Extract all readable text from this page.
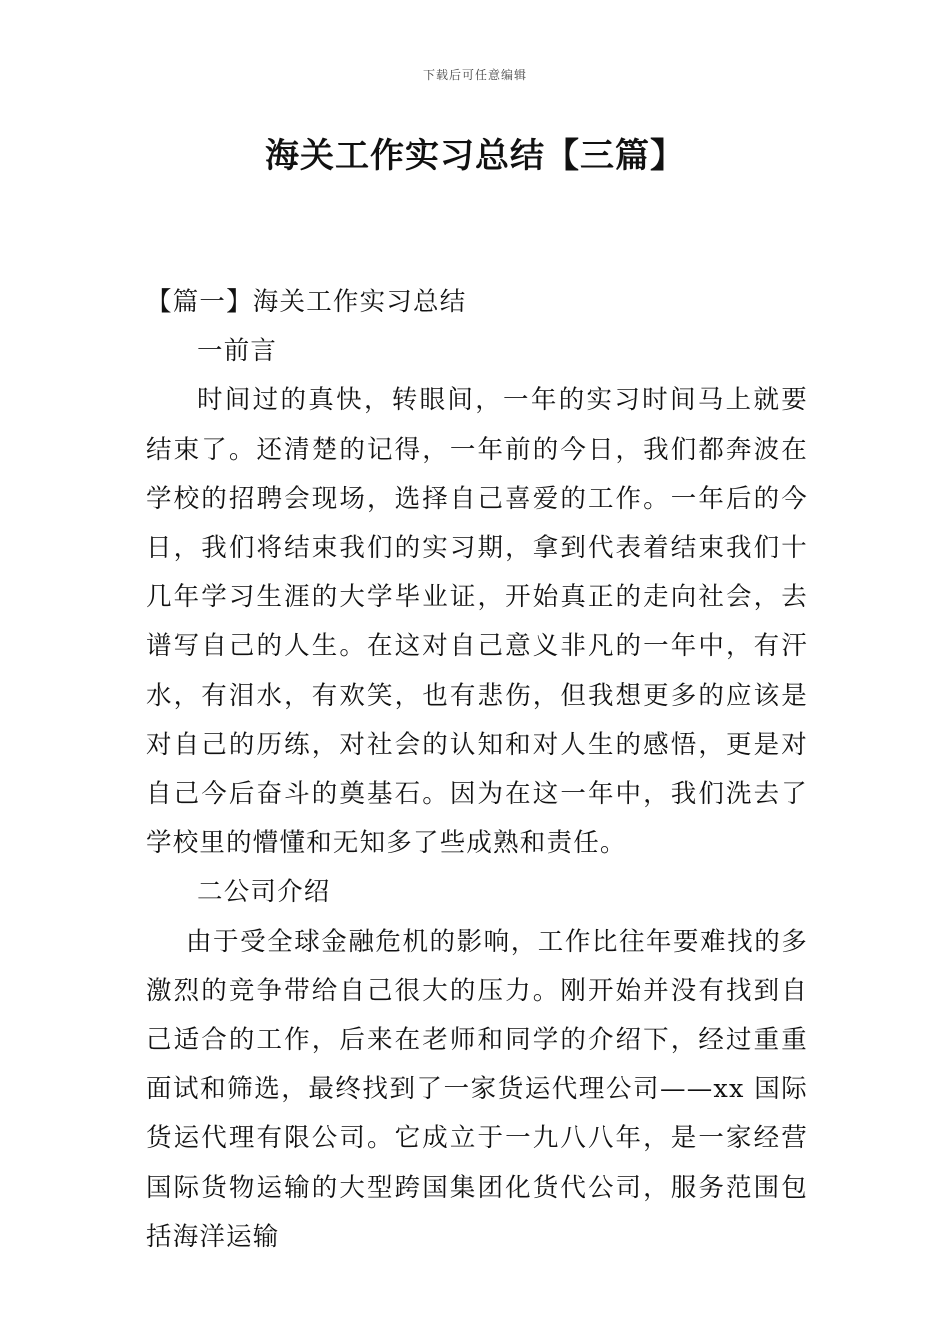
下载后可任意编辑
海关工作实习总结【三篇】

【篇一】海关工作实习总结

一前言

时间过的真快，转眼间，一年的实习时间马上就要结束了。还清楚的记得，一年前的今日，我们都奔波在学校的招聘会现场，选择自己喜爱的工作。一年后的今日，我们将结束我们的实习期，拿到代表着结束我们十几年学习生涯的大学毕业证，开始真正的走向社会，去谱写自己的人生。在这对自己意义非凡的一年中，有汗水，有泪水，有欢笑，也有悲伤，但我想更多的应该是对自己的历练，对社会的认知和对人生的感悟，更是对自己今后奋斗的奠基石。因为在这一年中，我们洗去了学校里的懵懂和无知多了些成熟和责任。

二公司介绍

由于受全球金融危机的影响，工作比往年要难找的多激烈的竞争带给自己很大的压力。刚开始并没有找到自己适合的工作，后来在老师和同学的介绍下，经过重重面试和筛选，最终找到了一家货运代理公司——xx 国际货运代理有限公司。它成立于一九八八年，是一家经营国际货物运输的大型跨国集团化货代公司，服务范围包括海洋运输
